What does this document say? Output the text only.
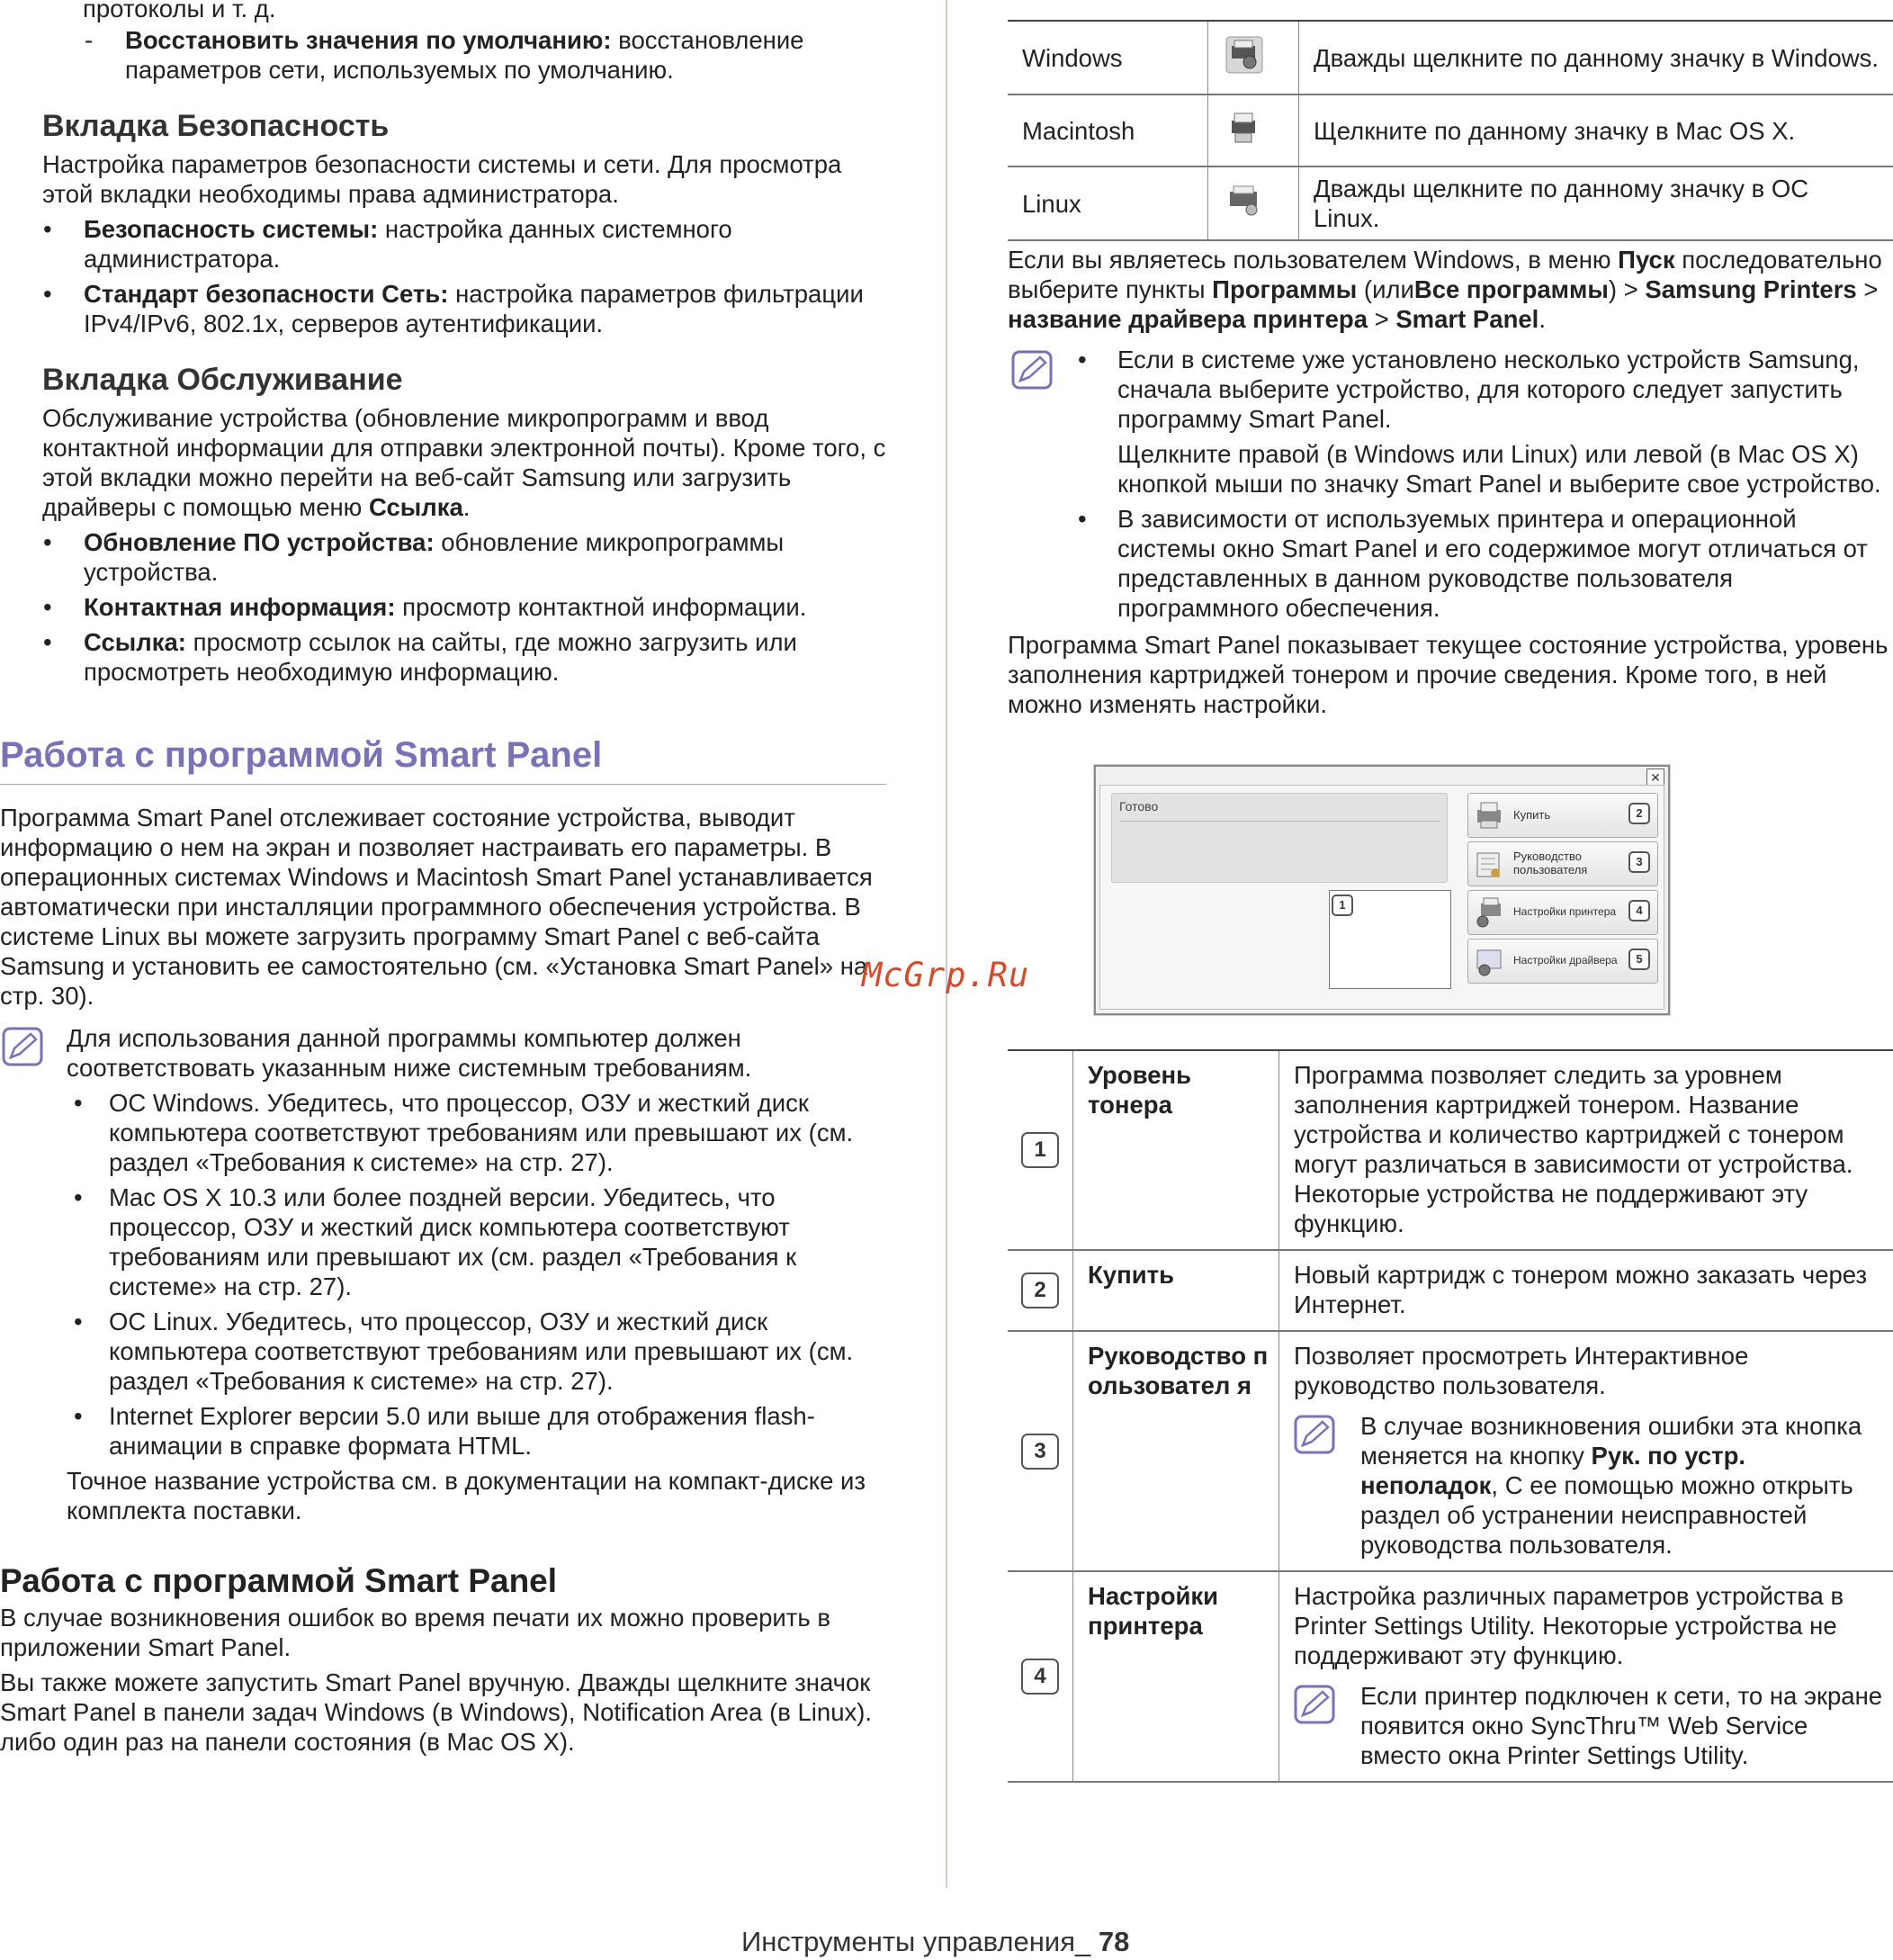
протоколы и т. д.

- Восстановить значения по умолчанию: восстановление параметров сети, используемых по умолчанию.
Вкладка Безопасность

Настройка параметров безопасности системы и сети. Для просмотра этой вкладки необходимы права администратора.

• Безопасность системы: настройка данных системного администратора.
• Стандарт безопасности Сеть: настройка параметров фильтрации IPv4/IPv6, 802.1x, серверов аутентификации.
Вкладка Обслуживание

Обслуживание устройства (обновление микропрограмм и ввод контактной информации для отправки электронной почты). Кроме того, с этой вкладки можно перейти на веб-сайт Samsung или загрузить драйверы с помощью меню Ссылка.

• Обновление ПО устройства: обновление микропрограммы устройства.
• Контактная информация: просмотр контактной информации.
• Ссылка: просмотр ссылок на сайты, где можно загрузить или просмотреть необходимую информацию.
Работа с программой Smart Panel

Программа Smart Panel отслеживает состояние устройства, выводит информацию о нем на экран и позволяет настраивать его параметры. В операционных системах Windows и Macintosh Smart Panel устанавливается автоматически при инсталляции программного обеспечения устройства. В системе Linux вы можете загрузить программу Smart Panel с веб-сайта Samsung и установить ее самостоятельно (см. «Установка Smart Panel» на стр. 30).

Для использования данной программы компьютер должен соответствовать указанным ниже системным требованиям.

• ОС Windows. Убедитесь, что процессор, ОЗУ и жесткий диск компьютера соответствуют требованиям или превышают их (см. раздел «Требования к системе» на стр. 27).
• Mac OS X 10.3 или более поздней версии. Убедитесь, что процессор, ОЗУ и жесткий диск компьютера соответствуют требованиям или превышают их (см. раздел «Требования к системе» на стр. 27).
• ОС Linux. Убедитесь, что процессор, ОЗУ и жесткий диск компьютера соответствуют требованиям или превышают их (см. раздел «Требования к системе» на стр. 27).
• Internet Explorer версии 5.0 или выше для отображения flash-анимации в справке формата HTML.

Точное название устройства см. в документации на компакт-диске из комплекта поставки.

Работа с программой Smart Panel

В случае возникновения ошибок во время печати их можно проверить в приложении Smart Panel.

Вы также можете запустить Smart Panel вручную. Дважды щелкните значок Smart Panel в панели задач Windows (в Windows), Notification Area (в Linux). либо один раз на панели состояния (в Mac OS X).

Windows		Дважды щелкните по данному значку в Windows.
Macintosh		Щелкните по данному значку в Mac OS X.
Linux		Дважды щелкните по данному значку в ОС Linux.

Если вы являетесь пользователем Windows, в меню Пуск последовательно выберите пункты Программы (илиВсе программы) > Samsung Printers > название драйвера принтера > Smart Panel.

• Если в системе уже установлено несколько устройств Samsung, сначала выберите устройство, для которого следует запустить программу Smart Panel.

Щелкните правой (в Windows или Linux) или левой (в Mac OS X) кнопкой мыши по значку Smart Panel и выберите свое устройство.

• В зависимости от используемых принтера и операционной системы окно Smart Panel и его содержимое могут отличаться от представленных в данном руководстве пользователя программного обеспечения.

Программа Smart Panel показывает текущее состояние устройства, уровень заполнения картриджей тонером и прочие сведения. Кроме того, в ней можно изменять настройки.

✕
Готово
1
Купить	2
Руководство
пользователя
3
Настройки принтера	4
Настройки драйвера	5
1	Уровень тонера	Программа позволяет следить за уровнем заполнения картриджей тонером. Название устройства и количество картриджей с тонером могут различаться в зависимости от устройства. Некоторые устройства не поддерживают эту функцию.
2	Купить	Новый картридж с тонером можно заказать через Интернет.
3	Руководство пользовател я	Позволяет просмотреть Интерактивное руководство пользователя.

В случае возникновения ошибки эта кнопка меняется на кнопку Рук. по устр. неполадок, С ее помощью можно открыть раздел об устранении неисправностей руководства пользователя.

4	Настройки принтера	Настройка различных параметров устройства в Printer Settings Utility. Некоторые устройства не поддерживают эту функцию.

Если принтер подключен к сети, то на экране появится окно SyncThru™ Web Service вместо окна Printer Settings Utility.
McGrp.Ru
Инструменты управления_ 78
